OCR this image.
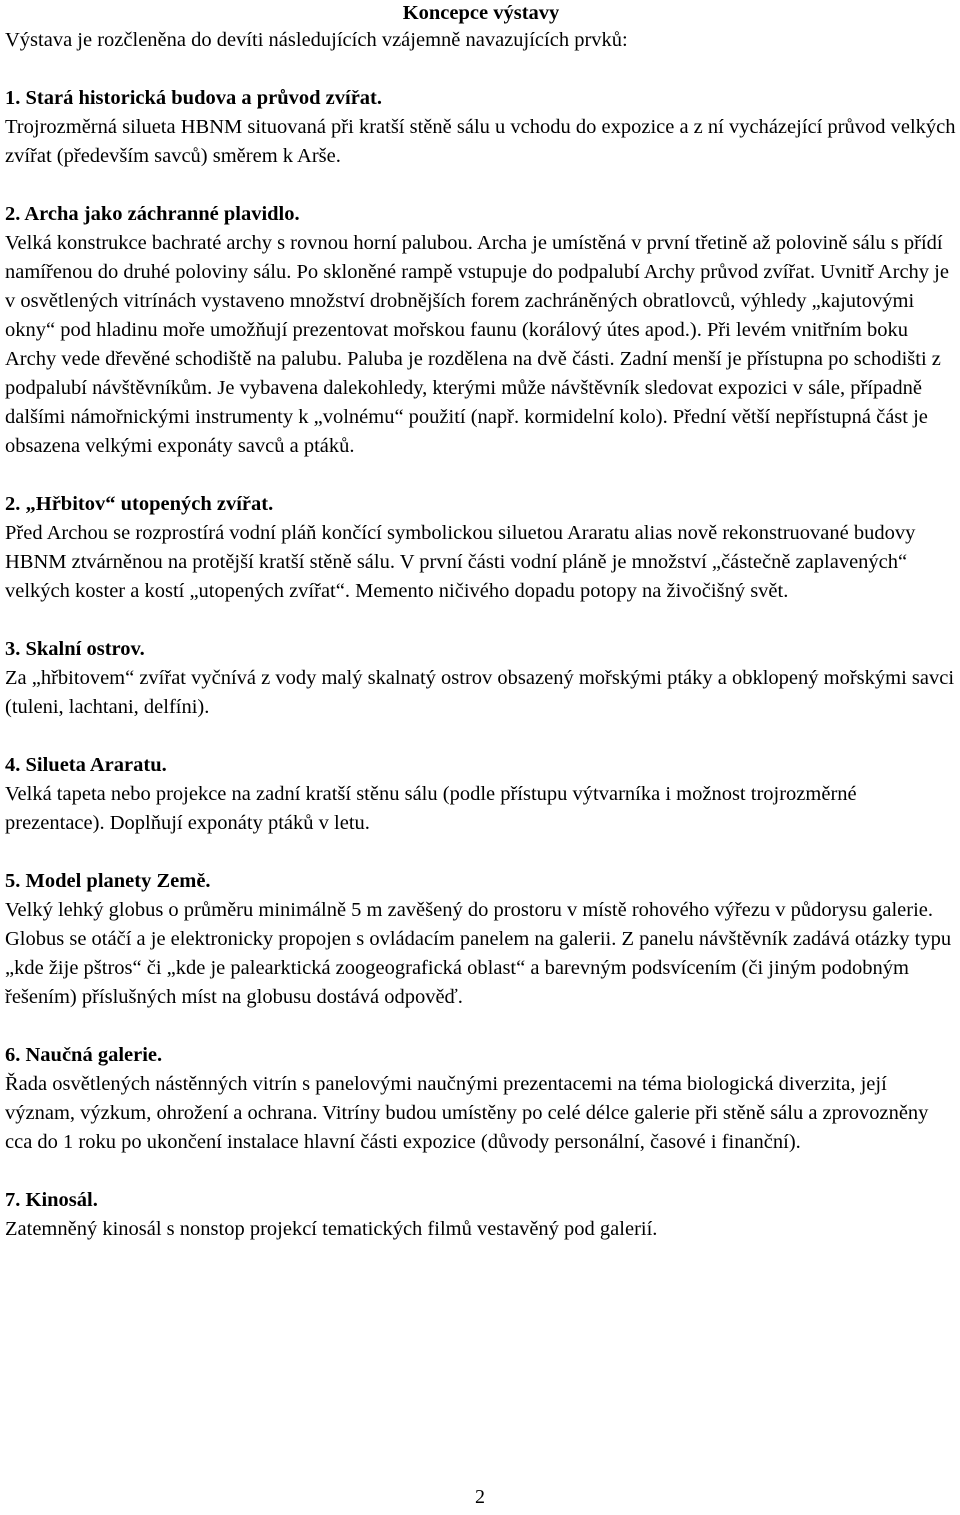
Koncepce výstavy

Výstava je rozčleněna do devíti následujících vzájemně navazujících prvků:

1. Stará historická budova a průvod zvířat.

Trojrozměrná silueta HBNM situovaná při kratší stěně sálu u vchodu do expozice a z ní vycházející průvod velkých zvířat (především savců) směrem k Arše.

2. Archa jako záchranné plavidlo.

Velká konstrukce bachraté archy s rovnou horní palubou. Archa je umístěná v první třetině až polovině sálu s přídí namířenou do druhé poloviny sálu. Po skloněné rampě vstupuje do podpalubí Archy průvod zvířat. Uvnitř Archy je v osvětlených vitrínách vystaveno množství drobnějších forem zachráněných obratlovců, výhledy „kajutovými okny“ pod hladinu moře umožňují prezentovat mořskou faunu (korálový útes apod.). Při levém vnitřním boku Archy vede dřevěné schodiště na palubu. Paluba je rozdělena na dvě části. Zadní menší je přístupna po schodišti z podpalubí návštěvníkům. Je vybavena dalekohledy, kterými může návštěvník sledovat expozici v sále, případně dalšími námořnickými instrumenty k „volnému“ použití (např. kormidelní kolo). Přední větší nepřístupná část je obsazena velkými exponáty savců a ptáků.

2. „Hřbitov“ utopených zvířat.

Před Archou se rozprostírá vodní pláň končící symbolickou siluetou Araratu alias nově rekonstruované budovy HBNM ztvárněnou na protější kratší stěně sálu. V první části vodní pláně je množství „částečně zaplavených“ velkých koster a kostí „utopených zvířat“. Memento ničivého dopadu potopy na živočišný svět.

3. Skalní ostrov.

Za „hřbitovem“ zvířat vyčnívá z vody malý skalnatý ostrov obsazený mořskými ptáky a obklopený mořskými savci (tuleni, lachtani, delfíni).

4. Silueta Araratu.

Velká tapeta nebo projekce na zadní kratší stěnu sálu (podle přístupu výtvarníka i možnost trojrozměrné prezentace). Doplňují exponáty ptáků v letu.

5. Model planety Země.

Velký lehký globus o průměru minimálně 5 m zavěšený do prostoru v místě rohového výřezu v půdorysu galerie. Globus se otáčí a je elektronicky propojen s ovládacím panelem na galerii. Z panelu návštěvník zadává otázky typu „kde žije pštros“ či „kde je palearktická zoogeografická oblast“ a barevným podsvícením (či jiným podobným řešením) příslušných míst na globusu dostává odpověď.

6. Naučná galerie.

Řada osvětlených nástěnných vitrín s panelovými naučnými prezentacemi na téma biologická diverzita, její význam, výzkum, ohrožení a ochrana. Vitríny budou umístěny po celé délce galerie při stěně sálu a zprovozněny cca do 1 roku po ukončení instalace hlavní části expozice (důvody personální, časové i finanční).

7. Kinosál.

Zatemněný kinosál s nonstop projekcí tematických filmů vestavěný pod galerií.

2
